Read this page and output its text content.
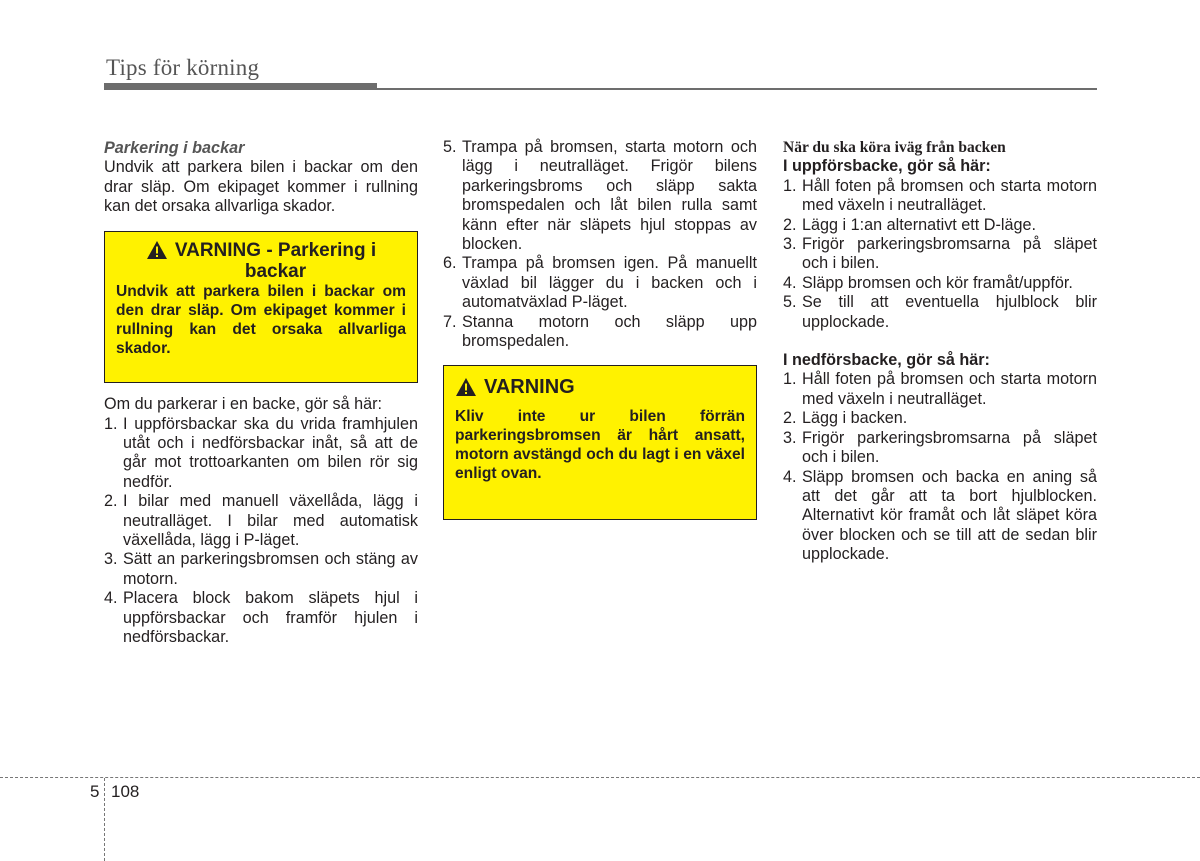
Tips för körning

Parkering i backar

Undvik att parkera bilen i backar om den drar släp. Om ekipaget kommer i rullning kan det orsaka allvarliga skador.

VARNING - Parkering i
backar

Undvik att parkera bilen i backar om den drar släp. Om ekipaget kommer i rullning kan det orsaka allvarliga skador.

Om du parkerar i en backe, gör så här:

1. I uppförsbackar ska du vrida framhjulen utåt och i nedförsbackar inåt, så att de går mot trottoarkanten om bilen rör sig nedför.
2. I bilar med manuell växellåda, lägg i neutralläget. I bilar med automatisk växellåda, lägg i P-läget.
3. Sätt an parkeringsbromsen och stäng av motorn.
4. Placera block bakom släpets hjul i uppförsbackar och framför hjulen i nedförsbackar.
5. Trampa på bromsen, starta motorn och lägg i neutralläget. Frigör bilens parkeringsbroms och släpp sakta bromspedalen och låt bilen rulla samt känn efter när släpets hjul stoppas av blocken.
6. Trampa på bromsen igen. På manuellt växlad bil lägger du i backen och i automatväxlad P-läget.
7. Stanna motorn och släpp upp bromspedalen.
VARNING

Kliv inte ur bilen förrän parkeringsbromsen är hårt ansatt, motorn avstängd och du lagt i en växel enligt ovan.

När du ska köra iväg från backen

I uppförsbacke, gör så här:

1. Håll foten på bromsen och starta motorn med växeln i neutralläget.
2. Lägg i 1:an alternativt ett D-läge.
3. Frigör parkeringsbromsarna på släpet och i bilen.
4. Släpp bromsen och kör framåt/uppför.
5. Se till att eventuella hjulblock blir upplockade.

I nedförsbacke, gör så här:

1. Håll foten på bromsen och starta motorn med växeln i neutralläget.
2. Lägg i backen.
3. Frigör parkeringsbromsarna på släpet och i bilen.
4. Släpp bromsen och backa en aning så att det går att ta bort hjulblocken. Alternativt kör framåt och låt släpet köra över blocken och se till att de sedan blir upplockade.
5 108
